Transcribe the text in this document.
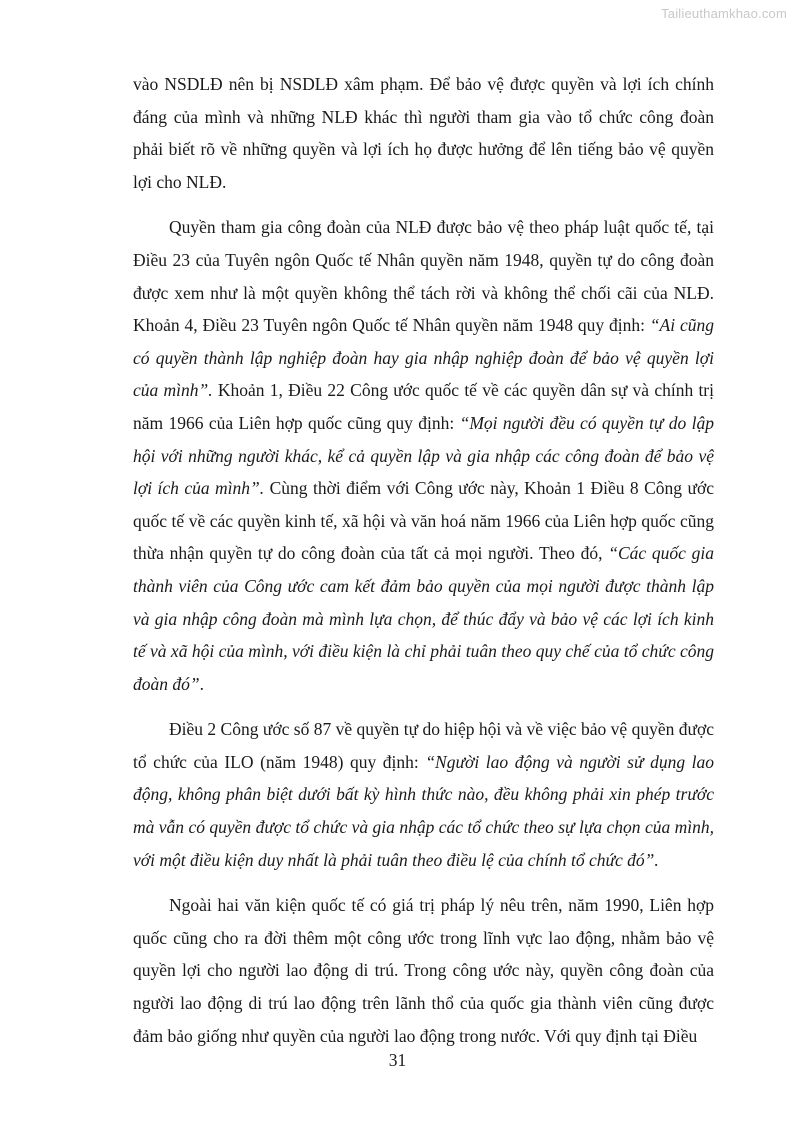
Tailieuthamkhao.com

vào NSDLĐ nên bị NSDLĐ xâm phạm. Để bảo vệ được quyền và lợi ích chính đáng của mình và những NLĐ khác thì người tham gia vào tổ chức công đoàn phải biết rõ về những quyền và lợi ích họ được hưởng để lên tiếng bảo vệ quyền lợi cho NLĐ.

Quyền tham gia công đoàn của NLĐ được bảo vệ theo pháp luật quốc tế, tại Điều 23 của Tuyên ngôn Quốc tế Nhân quyền năm 1948, quyền tự do công đoàn được xem như là một quyền không thể tách rời và không thể chối cãi của NLĐ. Khoản 4, Điều 23 Tuyên ngôn Quốc tế Nhân quyền năm 1948 quy định: “Ai cũng có quyền thành lập nghiệp đoàn hay gia nhập nghiệp đoàn để bảo vệ quyền lợi của mình”. Khoản 1, Điều 22 Công ước quốc tế về các quyền dân sự và chính trị năm 1966 của Liên hợp quốc cũng quy định: “Mọi người đều có quyền tự do lập hội với những người khác, kể cả quyền lập và gia nhập các công đoàn để bảo vệ lợi ích của mình”. Cùng thời điểm với Công ước này, Khoản 1 Điều 8 Công ước quốc tế về các quyền kinh tế, xã hội và văn hoá năm 1966 của Liên hợp quốc cũng thừa nhận quyền tự do công đoàn của tất cả mọi người. Theo đó, “Các quốc gia thành viên của Công ước cam kết đảm bảo quyền của mọi người được thành lập và gia nhập công đoàn mà mình lựa chọn, để thúc đẩy và bảo vệ các lợi ích kinh tế và xã hội của mình, với điều kiện là chỉ phải tuân theo quy chế của tổ chức công đoàn đó”.

Điều 2 Công ước số 87 về quyền tự do hiệp hội và về việc bảo vệ quyền được tổ chức của ILO (năm 1948) quy định: “Người lao động và người sử dụng lao động, không phân biệt dưới bất kỳ hình thức nào, đều không phải xin phép trước mà vẫn có quyền được tổ chức và gia nhập các tổ chức theo sự lựa chọn của mình, với một điều kiện duy nhất là phải tuân theo điều lệ của chính tổ chức đó”.

Ngoài hai văn kiện quốc tế có giá trị pháp lý nêu trên, năm 1990, Liên hợp quốc cũng cho ra đời thêm một công ước trong lĩnh vực lao động, nhằm bảo vệ quyền lợi cho người lao động di trú. Trong công ước này, quyền công đoàn của người lao động di trú lao động trên lãnh thổ của quốc gia thành viên cũng được đảm bảo giống như quyền của người lao động trong nước. Với quy định tại Điều

31
